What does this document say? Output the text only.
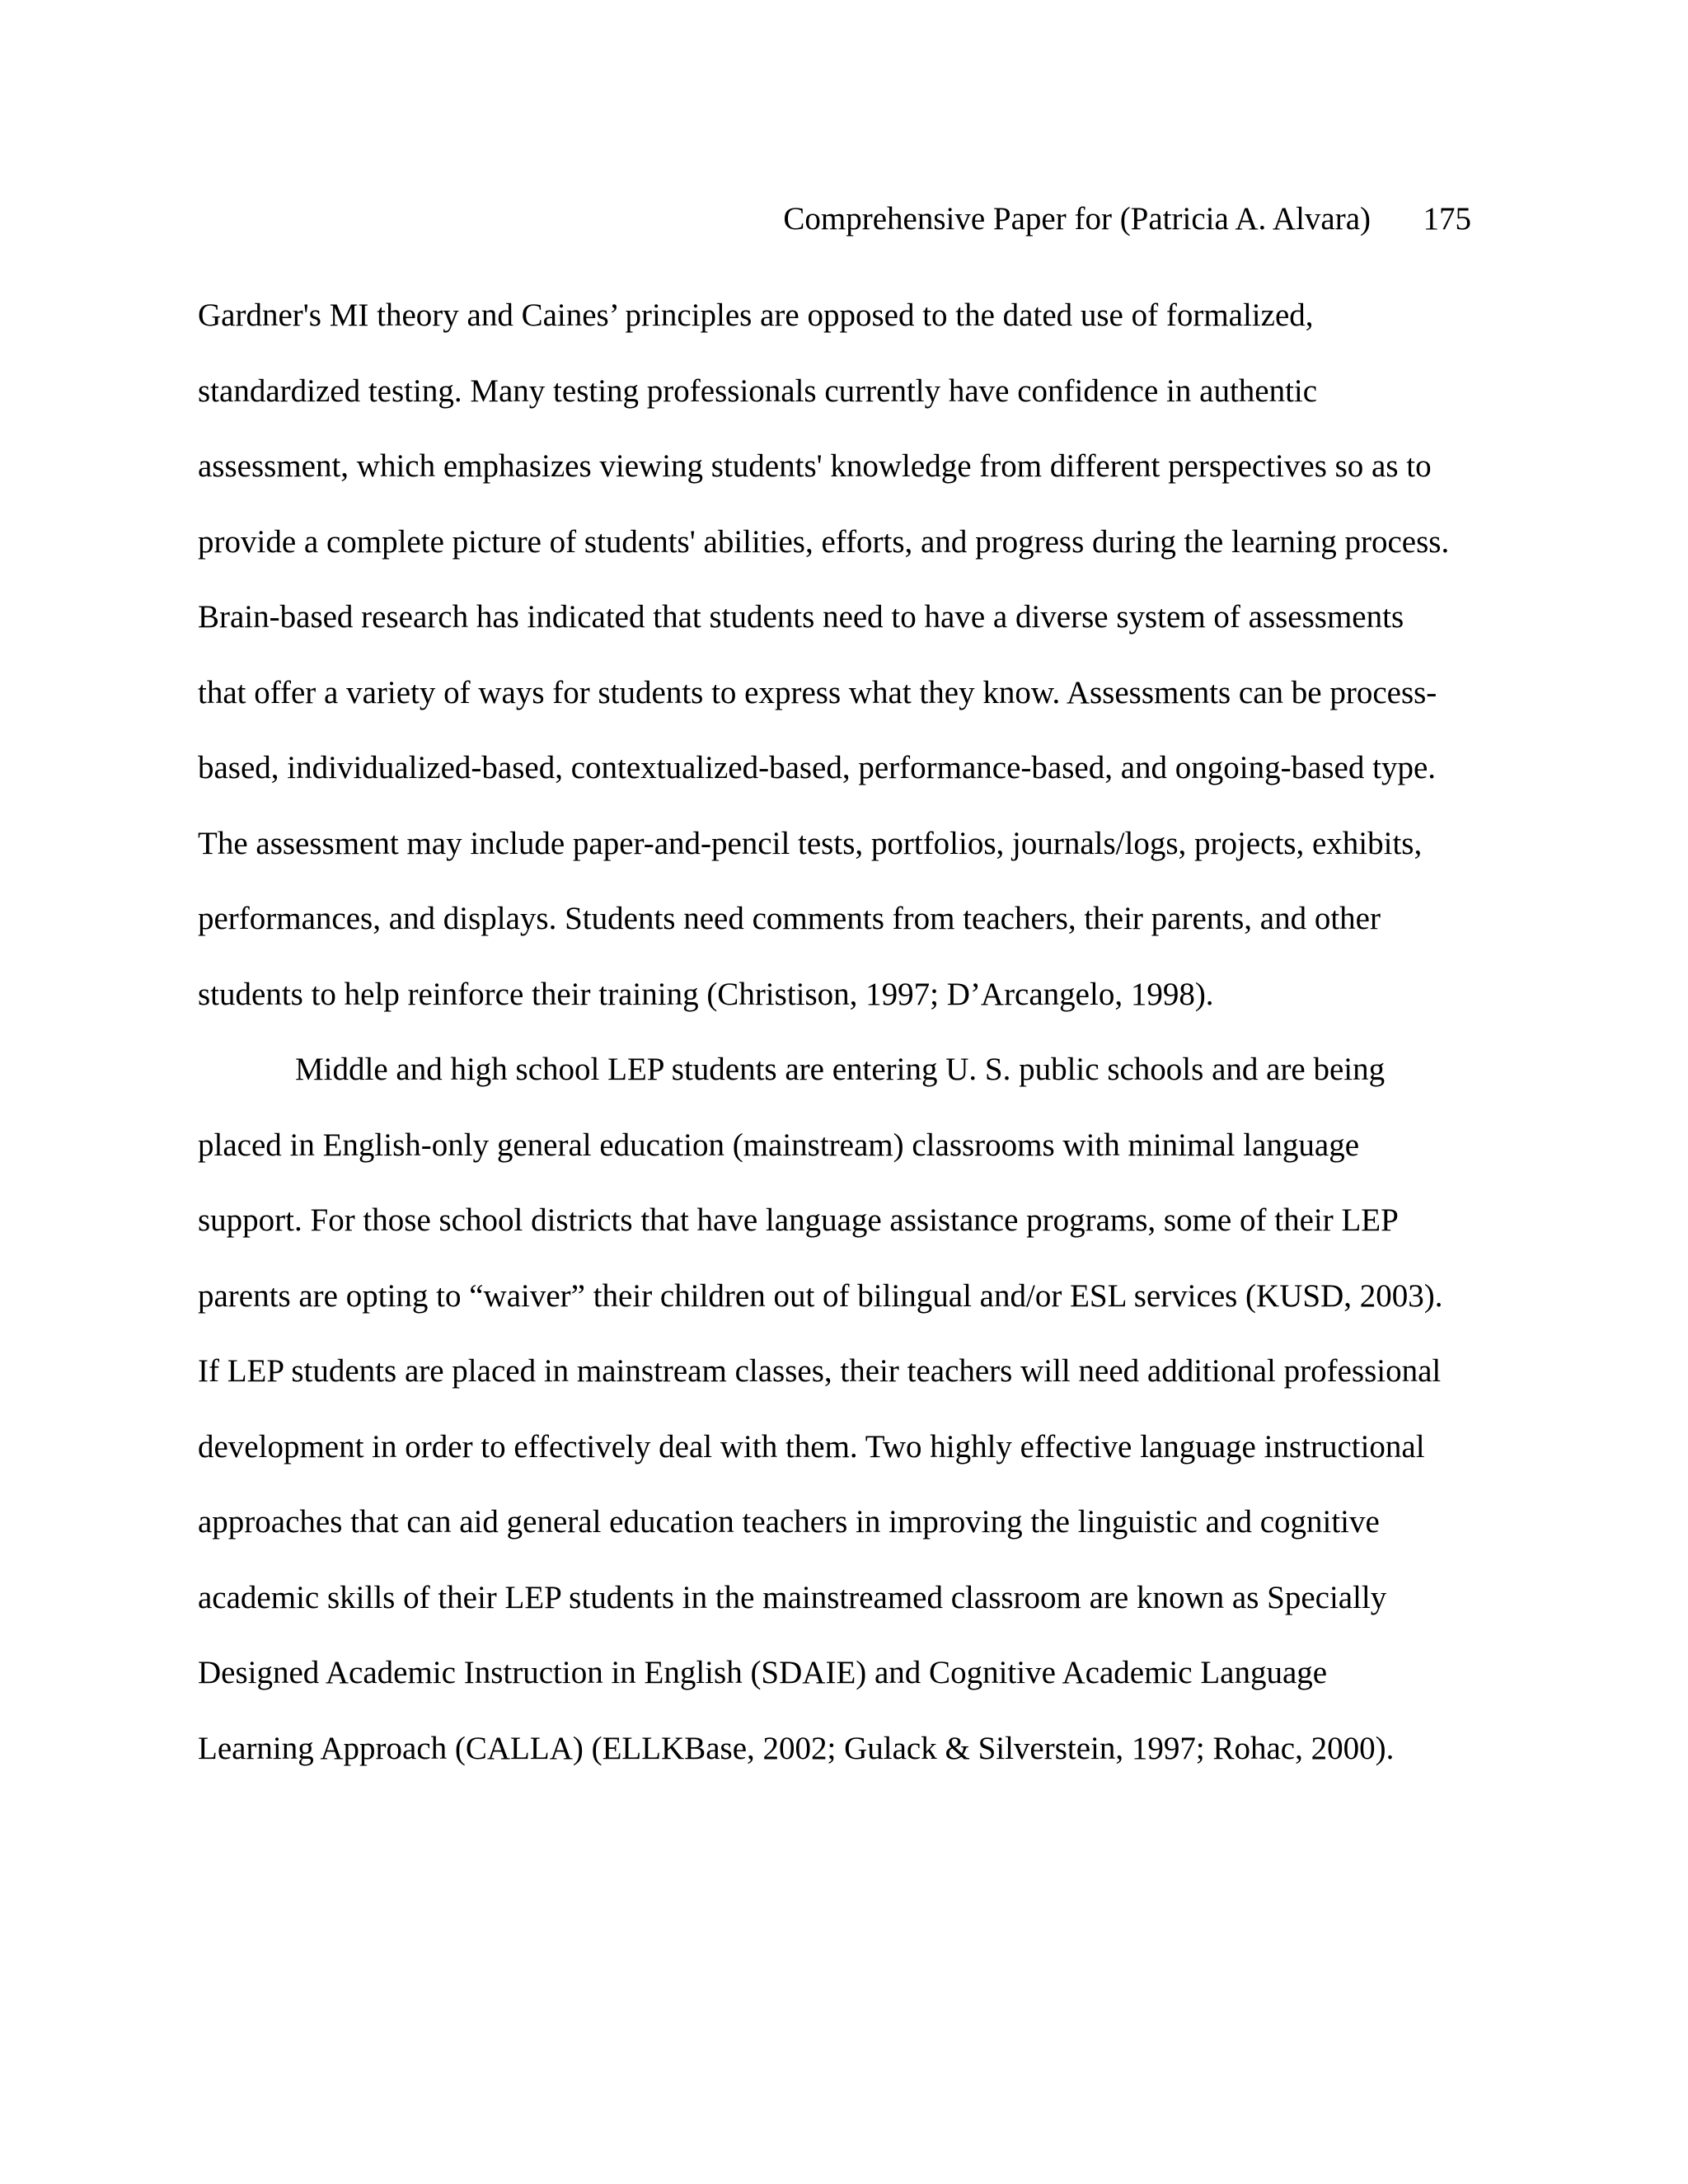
Comprehensive Paper for (Patricia A. Alvara) 175
Gardner's MI theory and Caines’ principles are opposed to the dated use of formalized,
standardized testing. Many testing professionals currently have confidence in authentic
assessment, which emphasizes viewing students' knowledge from different perspectives so as to
provide a complete picture of students' abilities, efforts, and progress during the learning process.
Brain-based research has indicated that students need to have a diverse system of assessments
that offer a variety of ways for students to express what they know. Assessments can be process-
based, individualized-based, contextualized-based, performance-based, and ongoing-based type.
The assessment may include paper-and-pencil tests, portfolios, journals/logs, projects, exhibits,
performances, and displays. Students need comments from teachers, their parents, and other
students to help reinforce their training (Christison, 1997; D’Arcangelo, 1998).
Middle and high school LEP students are entering U. S. public schools and are being
placed in English-only general education (mainstream) classrooms with minimal language
support. For those school districts that have language assistance programs, some of their LEP
parents are opting to “waiver” their children out of bilingual and/or ESL services (KUSD, 2003).
If LEP students are placed in mainstream classes, their teachers will need additional professional
development in order to effectively deal with them. Two highly effective language instructional
approaches that can aid general education teachers in improving the linguistic and cognitive
academic skills of their LEP students in the mainstreamed classroom are known as Specially
Designed Academic Instruction in English (SDAIE) and Cognitive Academic Language
Learning Approach (CALLA) (ELLKBase, 2002; Gulack & Silverstein, 1997; Rohac, 2000).
